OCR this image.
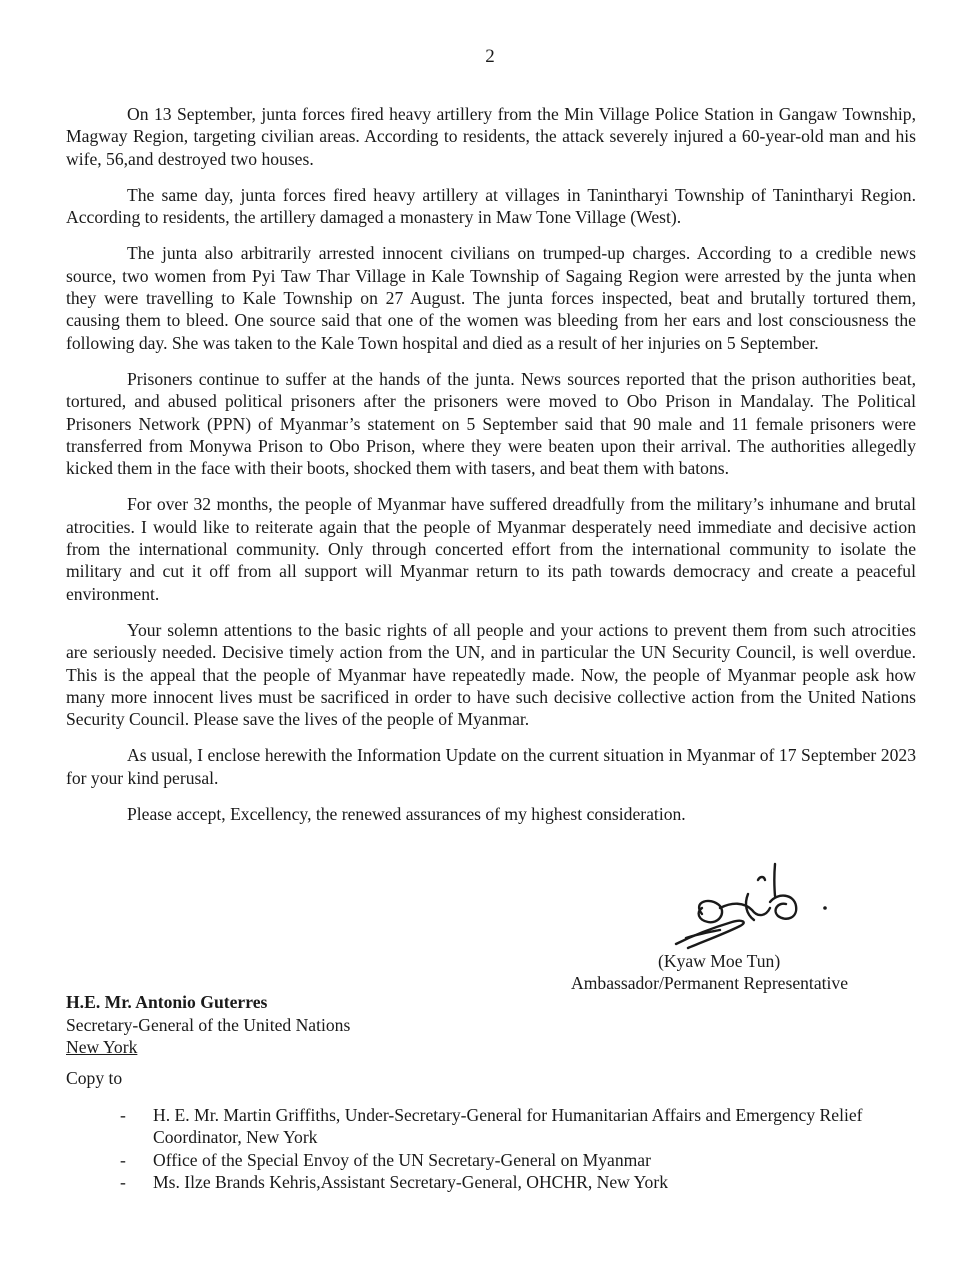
2

On 13 September, junta forces fired heavy artillery from the Min Village Police Station in Gangaw Township, Magway Region, targeting civilian areas. According to residents, the attack severely injured a 60-year-old man and his wife, 56,and destroyed two houses.

The same day, junta forces fired heavy artillery at villages in Tanintharyi Township of Tanintharyi Region. According to residents, the artillery damaged a monastery in Maw Tone Village (West).

The junta also arbitrarily arrested innocent civilians on trumped-up charges. According to a credible news source, two women from Pyi Taw Thar Village in Kale Township of Sagaing Region were arrested by the junta when they were travelling to Kale Township on 27 August. The junta forces inspected, beat and brutally tortured them, causing them to bleed. One source said that one of the women was bleeding from her ears and lost consciousness the following day. She was taken to the Kale Town hospital and died as a result of her injuries on 5 September.

Prisoners continue to suffer at the hands of the junta. News sources reported that the prison authorities beat, tortured, and abused political prisoners after the prisoners were moved to Obo Prison in Mandalay. The Political Prisoners Network (PPN) of Myanmar’s statement on 5 September said that 90 male and 11 female prisoners were transferred from Monywa Prison to Obo Prison, where they were beaten upon their arrival. The authorities allegedly kicked them in the face with their boots, shocked them with tasers, and beat them with batons.

For over 32 months, the people of Myanmar have suffered dreadfully from the military’s inhumane and brutal atrocities. I would like to reiterate again that the people of Myanmar desperately need immediate and decisive action from the international community. Only through concerted effort from the international community to isolate the military and cut it off from all support will Myanmar return to its path towards democracy and create a peaceful environment.

Your solemn attentions to the basic rights of all people and your actions to prevent them from such atrocities are seriously needed. Decisive timely action from the UN, and in particular the UN Security Council, is well overdue. This is the appeal that the people of Myanmar have repeatedly made. Now, the people of Myanmar people ask how many more innocent lives must be sacrificed in order to have such decisive collective action from the United Nations Security Council. Please save the lives of the people of Myanmar.

As usual, I enclose herewith the Information Update on the current situation in Myanmar of 17 September 2023 for your kind perusal.

Please accept, Excellency, the renewed assurances of my highest consideration.

(Kyaw Moe Tun)
Ambassador/Permanent Representative
H.E. Mr. Antonio Guterres
Secretary-General of the United Nations
New York
Copy to
- H. E. Mr. Martin Griffiths, Under-Secretary-General for Humanitarian Affairs and Emergency Relief Coordinator, New York
- Office of the Special Envoy of the UN Secretary-General on Myanmar
- Ms. Ilze Brands Kehris,Assistant Secretary-General, OHCHR, New York
